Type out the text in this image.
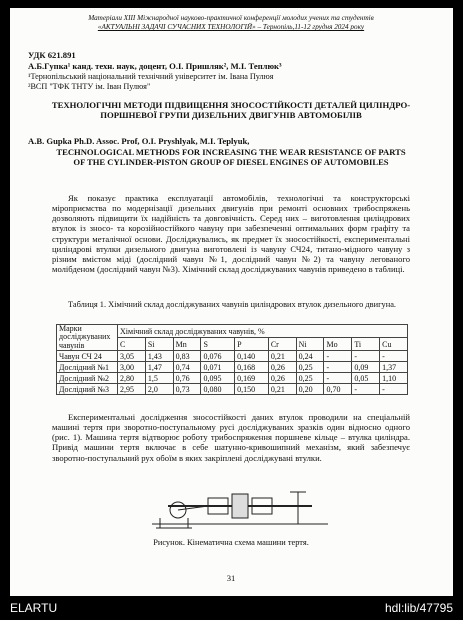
Матеріали XIII Міжнародної науково-практичної конференції молодих учених та студентів
«АКТУАЛЬНІ ЗАДАЧІ СУЧАСНИХ ТЕХНОЛОГІЙ» – Тернопіль,11-12 грудня 2024 року
УДК 621.891
А.Б.Гупка¹ канд. техн. наук, доцент, О.І. Пришляк², М.І. Теплюк³
¹Тернопільський національний технічний університет ім. Івана Пулюя
²ВСП "ТФК ТНТУ ім. Іван Пулюя"
ТЕХНОЛОГІЧНІ МЕТОДИ ПІДВИЩЕННЯ ЗНОСОСТІЙКОСТІ ДЕТАЛЕЙ ЦИЛІНДРО-ПОРШНЕВОЇ ГРУПИ ДИЗЕЛЬНИХ ДВИГУНІВ АВТОМОБІЛІВ
A.B. Gupka Ph.D. Assoc. Prof, O.I. Pryshlyak, M.I. Teplyuk,
TECHNOLOGICAL METHODS FOR INCREASING THE WEAR RESISTANCE OF PARTS OF THE CYLINDER-PISTON GROUP OF DIESEL ENGINES OF AUTOMOBILES

Як показує практика експлуатації автомобілів, технологічні та конструкторські міроприємства по модернізації дизельних двигунів при ремонті основних трибоспряжень дозволяють підвищити їх надійність та довговічність. Серед них – виготовлення циліндрових втулок із зносо- та корозійностійкого чавуну при забезпеченні оптимальних форм графіту та структури металічної основи. Досліджувались, як предмет їх зносостійкості, експериментальні циліндрові втулки дизельного двигуна виготовлені із чавуну СЧ24, титано-мідного чавуну з різним вмістом міді (дослідний чавун №1, дослідний чавун №2) та чавуну легованого молібденом (дослідний чавун №3). Хімічний склад досліджуваних чавунів приведено в таблиці.

Таблиця 1. Хімічний склад досліджуваних чавунів циліндрових втулок дизельного двигуна.

Марки досліджуваних чавунів	Хімічний склад досліджуваних чавунів, %									
	C	Si	Mn	S	P	Cr	Ni	Mo	Ti	Cu
Чавун СЧ 24	3,05	1,43	0,83	0,076	0,140	0,21	0,24	-	-	-
Дослідний №1	3,00	1,47	0,74	0,071	0,168	0,26	0,25	-	0,09	1,37
Дослідний №2	2,80	1,5	0,76	0,095	0,169	0,26	0,25	-	0,05	1,10
Дослідний №3	2,95	2,0	0,73	0,080	0,150	0,21	0,20	0,70	-	-

Експериментальні дослідження зносостійкості даних втулок проводили на спеціальній машині тертя при зворотно-поступальному русі досліджуваних зразків один відносно одного (рис. 1). Машина тертя відтворює роботу трибоспряження поршневе кільце – втулка циліндра. Привід машини тертя включає в себе шатунно-кривошипний механізм, який забезпечує зворотно-поступальний рух обоїм в яких закріплені досліджувані втулки.

Рисунок. Кінематична схема машини тертя.
31
ELARTU	hdl:lib/47795
